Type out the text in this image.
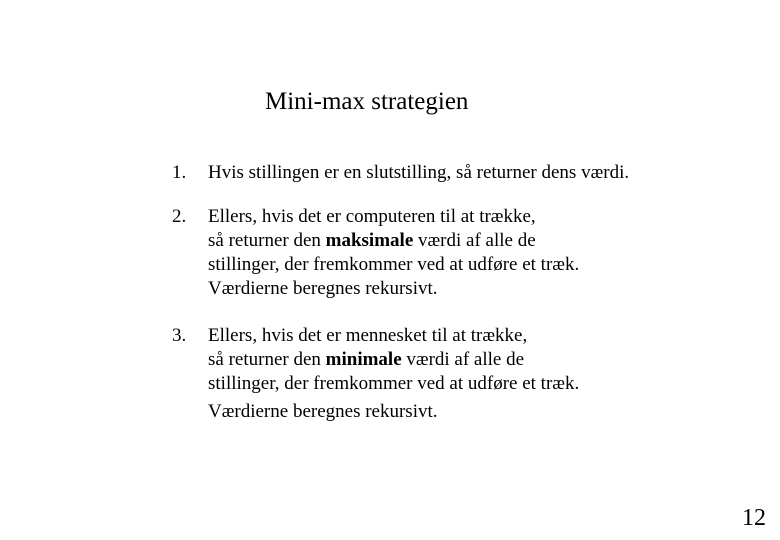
Mini-max strategien
1.	Hvis stillingen er en slutstilling, så returner dens værdi.
2.	Ellers, hvis det er computeren til at trække,
så returner den maksimale værdi af alle de
stillinger, der fremkommer ved at udføre et træk.
Værdierne beregnes rekursivt.
3.	Ellers, hvis det er mennesket til at trække,
så returner den minimale værdi af alle de
stillinger, der fremkommer ved at udføre et træk.
Værdierne beregnes rekursivt.
12
